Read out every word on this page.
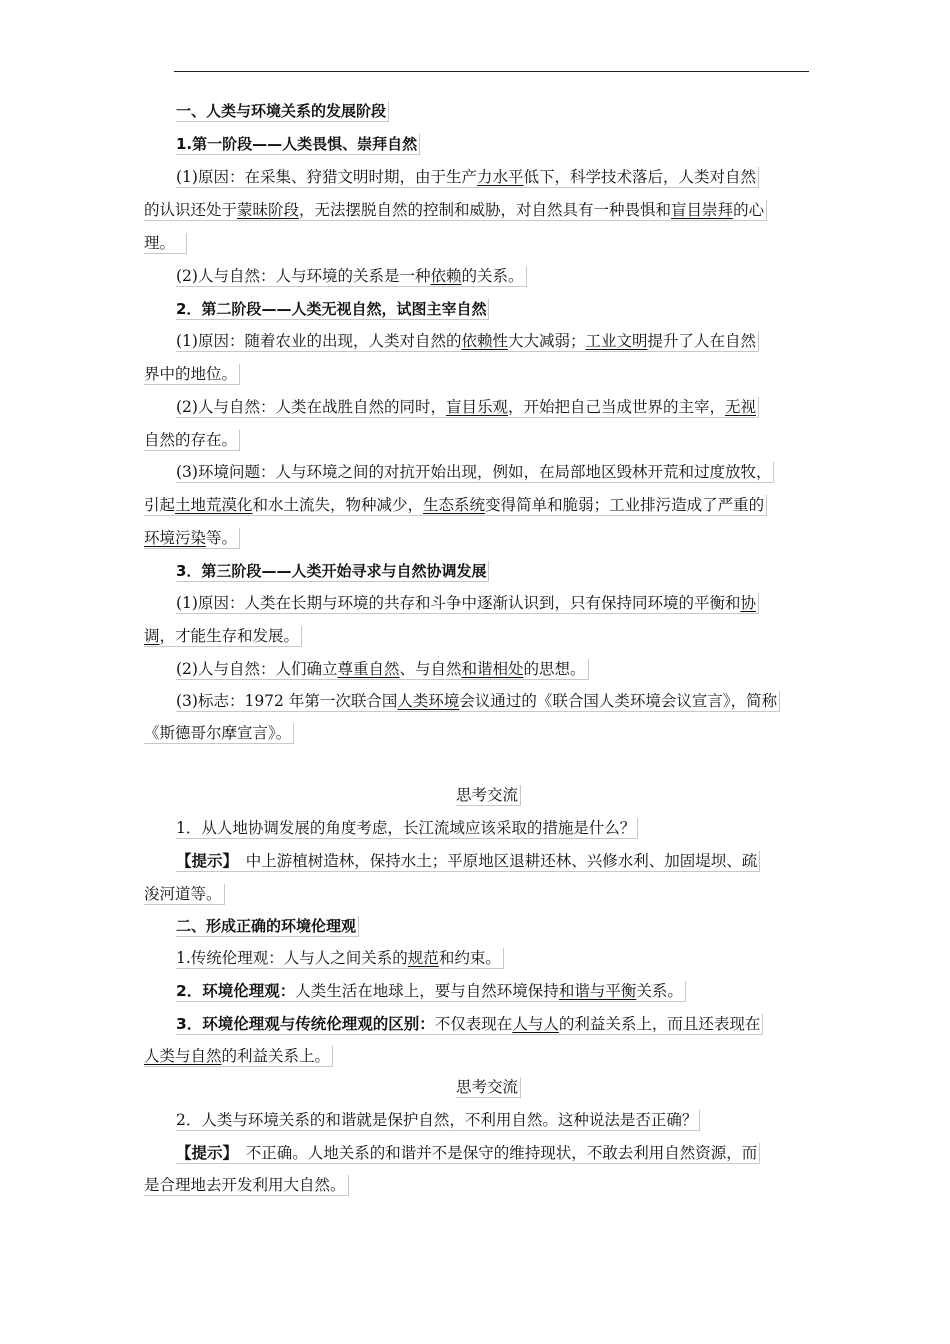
一、人类与环境关系的发展阶段
1.第一阶段——人类畏惧、崇拜自然
(1)原因：在采集、狩猎文明时期，由于生产力水平低下，科学技术落后，人类对自然
的认识还处于蒙昧阶段，无法摆脱自然的控制和威胁，对自然具有一种畏惧和盲目崇拜的心
理。
(2)人与自然：人与环境的关系是一种依赖的关系。
2．第二阶段——人类无视自然，试图主宰自然
(1)原因：随着农业的出现，人类对自然的依赖性大大减弱；工业文明提升了人在自然
界中的地位。
(2)人与自然：人类在战胜自然的同时，盲目乐观，开始把自己当成世界的主宰，无视
自然的存在。
(3)环境问题：人与环境之间的对抗开始出现，例如，在局部地区毁林开荒和过度放牧，
引起土地荒漠化和水土流失，物种减少，生态系统变得简单和脆弱；工业排污造成了严重的
环境污染等。
3．第三阶段——人类开始寻求与自然协调发展
(1)原因：人类在长期与环境的共存和斗争中逐渐认识到，只有保持同环境的平衡和协
调，才能生存和发展。
(2)人与自然：人们确立尊重自然、与自然和谐相处的思想。
(3)标志：1972 年第一次联合国人类环境会议通过的《联合国人类环境会议宣言》，简称
《斯德哥尔摩宣言》。
思考交流
1．从人地协调发展的角度考虑，长江流域应该采取的措施是什么？
【提示】　中上游植树造林，保持水土；平原地区退耕还林、兴修水利、加固堤坝、疏
浚河道等。
二、形成正确的环境伦理观
1.传统伦理观：人与人之间关系的规范和约束。
2．环境伦理观：人类生活在地球上，要与自然环境保持和谐与平衡关系。
3．环境伦理观与传统伦理观的区别：不仅表现在人与人的利益关系上，而且还表现在
人类与自然的利益关系上。
思考交流
2．人类与环境关系的和谐就是保护自然，不利用自然。这种说法是否正确？
【提示】　不正确。人地关系的和谐并不是保守的维持现状，不敢去利用自然资源，而
是合理地去开发利用大自然。
